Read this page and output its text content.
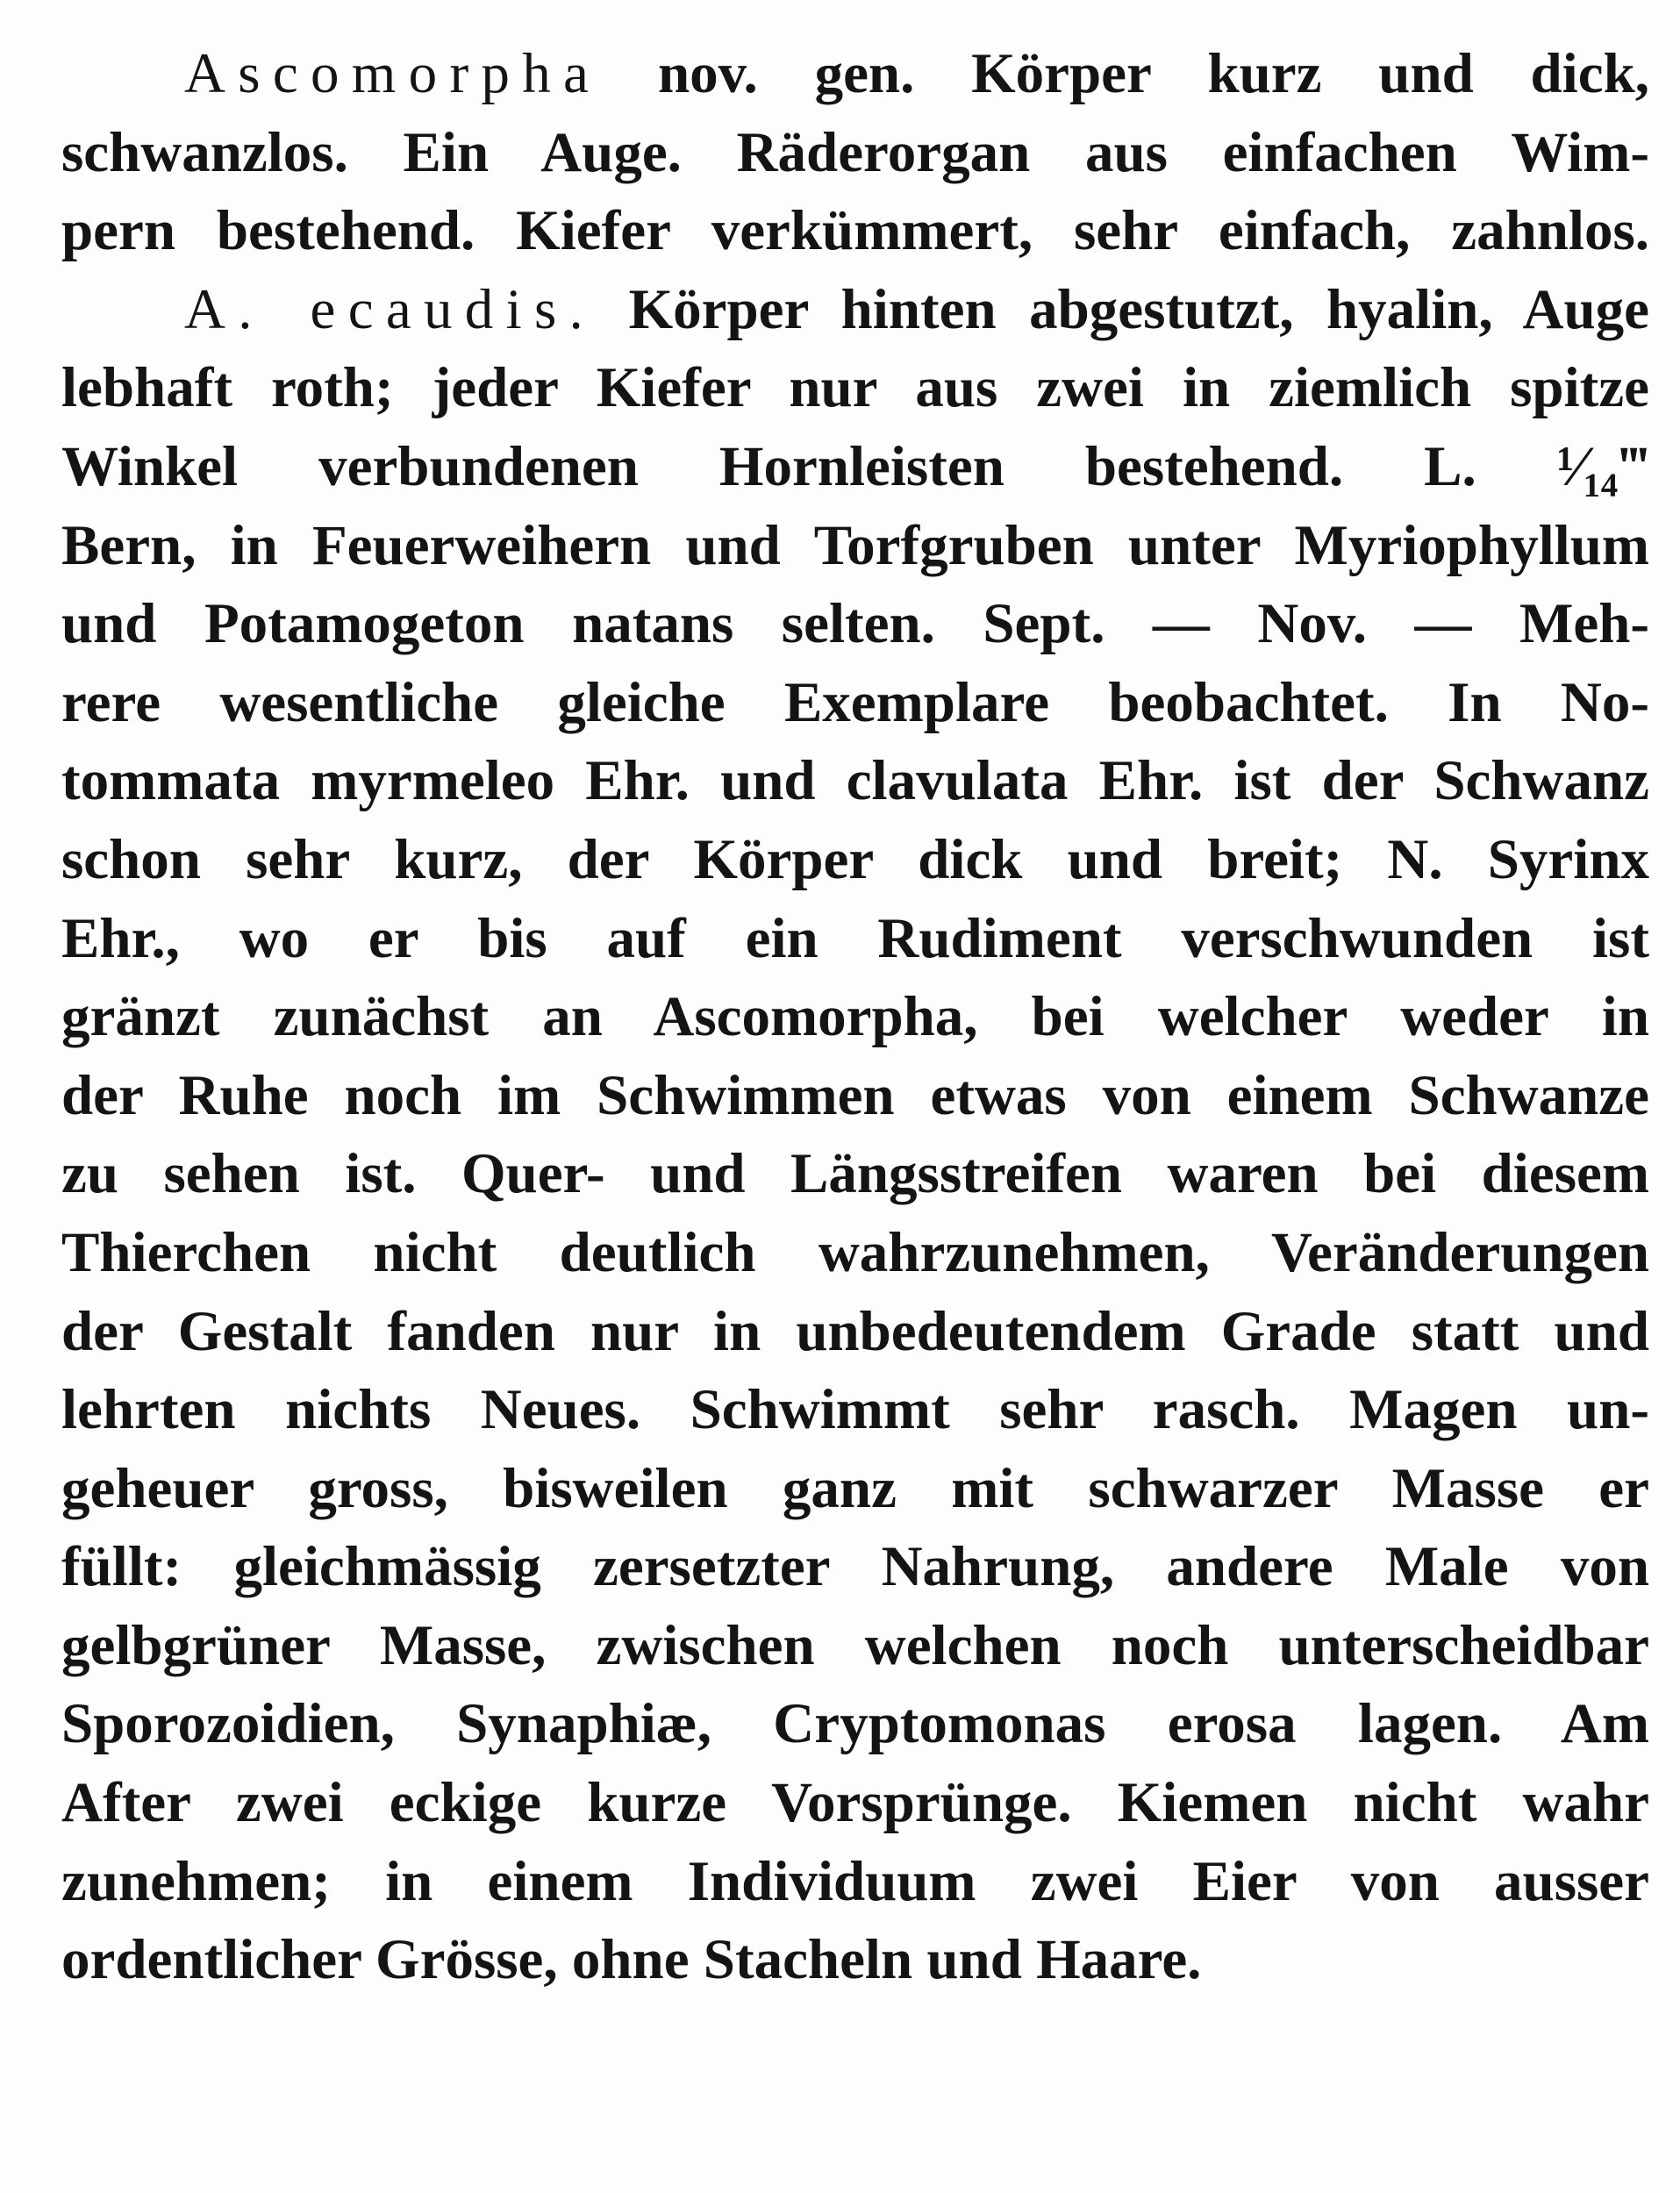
Ascomorpha nov. gen. Körper kurz und dick,
schwanzlos. Ein Auge. Räderorgan aus einfachen Wim-
pern bestehend. Kiefer verkümmert, sehr einfach, zahnlos.
A. ecaudis. Körper hinten abgestutzt, hyalin, Auge
lebhaft roth; jeder Kiefer nur aus zwei in ziemlich spitze
Winkel verbundenen Hornleisten bestehend. L. ¹⁄₁₄‴
Bern, in Feuerweihern und Torfgruben unter Myriophyllum
und Potamogeton natans selten. Sept. — Nov. — Meh-
rere wesentliche gleiche Exemplare beobachtet. In No-
tommata myrmeleo Ehr. und clavulata Ehr. ist der Schwanz
schon sehr kurz, der Körper dick und breit; N. Syrinx
Ehr., wo er bis auf ein Rudiment verschwunden ist
gränzt zunächst an Ascomorpha, bei welcher weder in
der Ruhe noch im Schwimmen etwas von einem Schwanze
zu sehen ist. Quer- und Längsstreifen waren bei diesem
Thierchen nicht deutlich wahrzunehmen, Veränderungen
der Gestalt fanden nur in unbedeutendem Grade statt und
lehrten nichts Neues. Schwimmt sehr rasch. Magen un-
geheuer gross, bisweilen ganz mit schwarzer Masse er
füllt: gleichmässig zersetzter Nahrung, andere Male von
gelbgrüner Masse, zwischen welchen noch unterscheidbar
Sporozoidien, Synaphiæ, Cryptomonas erosa lagen. Am
After zwei eckige kurze Vorsprünge. Kiemen nicht wahr
zunehmen; in einem Individuum zwei Eier von ausser
ordentlicher Grösse, ohne Stacheln und Haare.
